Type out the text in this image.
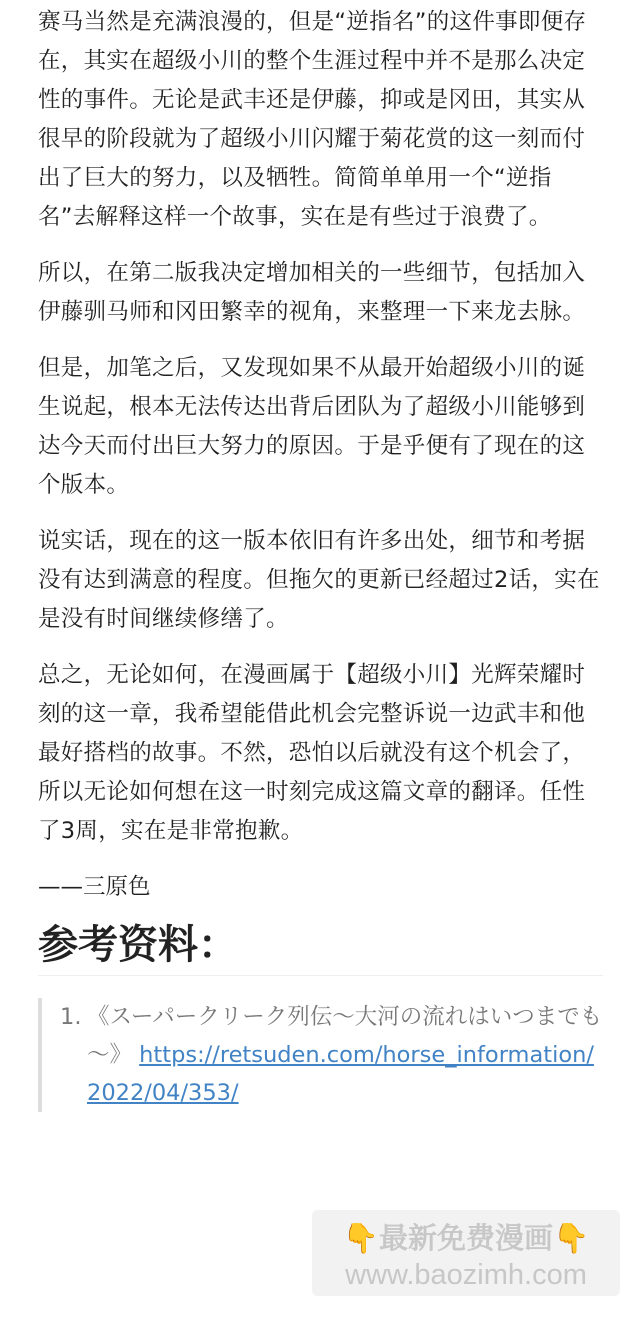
赛马当然是充满浪漫的，但是“逆指名”的这件事即便存在，其实在超级小川的整个生涯过程中并不是那么决定性的事件。无论是武丰还是伊藤，抑或是冈田，其实从很早的阶段就为了超级小川闪耀于菊花赏的这一刻而付出了巨大的努力，以及牺牲。简简单单用一个“逆指名”去解释这样一个故事，实在是有些过于浪费了。

所以，在第二版我决定增加相关的一些细节，包括加入伊藤驯马师和冈田繁幸的视角，来整理一下来龙去脉。

但是，加笔之后，又发现如果不从最开始超级小川的诞生说起，根本无法传达出背后团队为了超级小川能够到达今天而付出巨大努力的原因。于是乎便有了现在的这个版本。

说实话，现在的这一版本依旧有许多出处，细节和考据没有达到满意的程度。但拖欠的更新已经超过2话，实在是没有时间继续修缮了。

总之，无论如何，在漫画属于【超级小川】光辉荣耀时刻的这一章，我希望能借此机会完整诉说一边武丰和他最好搭档的故事。不然，恐怕以后就没有这个机会了，所以无论如何想在这一时刻完成这篇文章的翻译。任性了3周，实在是非常抱歉。

——三原色

参考资料：
1. 《スーパークリーク列伝～大河の流れはいつまでも～》 https://retsuden.com/horse_information/2022/04/353/
👇最新免费漫画👇
www.baozimh.com
